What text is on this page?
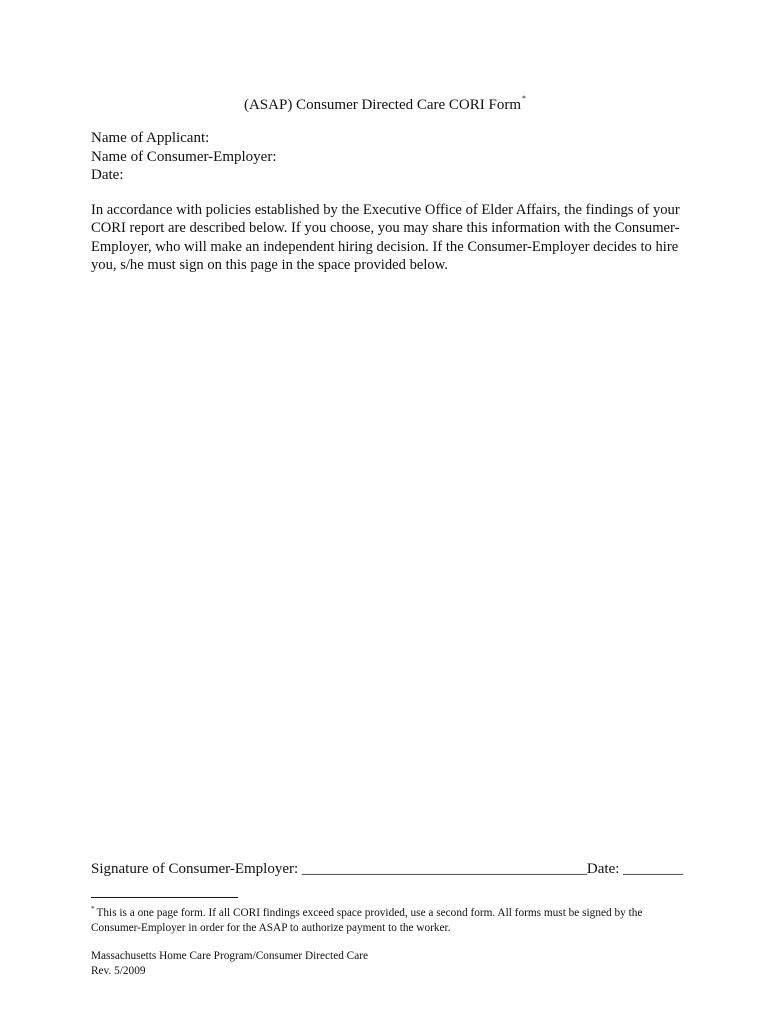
(ASAP) Consumer Directed Care CORI Form*
Name of Applicant:
Name of Consumer-Employer:
Date:
In accordance with policies established by the Executive Office of Elder Affairs, the findings of your CORI report are described below. If you choose, you may share this information with the Consumer-Employer, who will make an independent hiring decision. If the Consumer-Employer decides to hire you, s/he must sign on this page in the space provided below.
Signature of Consumer-Employer: ______________________________________Date: ________
* This is a one page form. If all CORI findings exceed space provided, use a second form. All forms must be signed by the Consumer-Employer in order for the ASAP to authorize payment to the worker.
Massachusetts Home Care Program/Consumer Directed Care
Rev. 5/2009
